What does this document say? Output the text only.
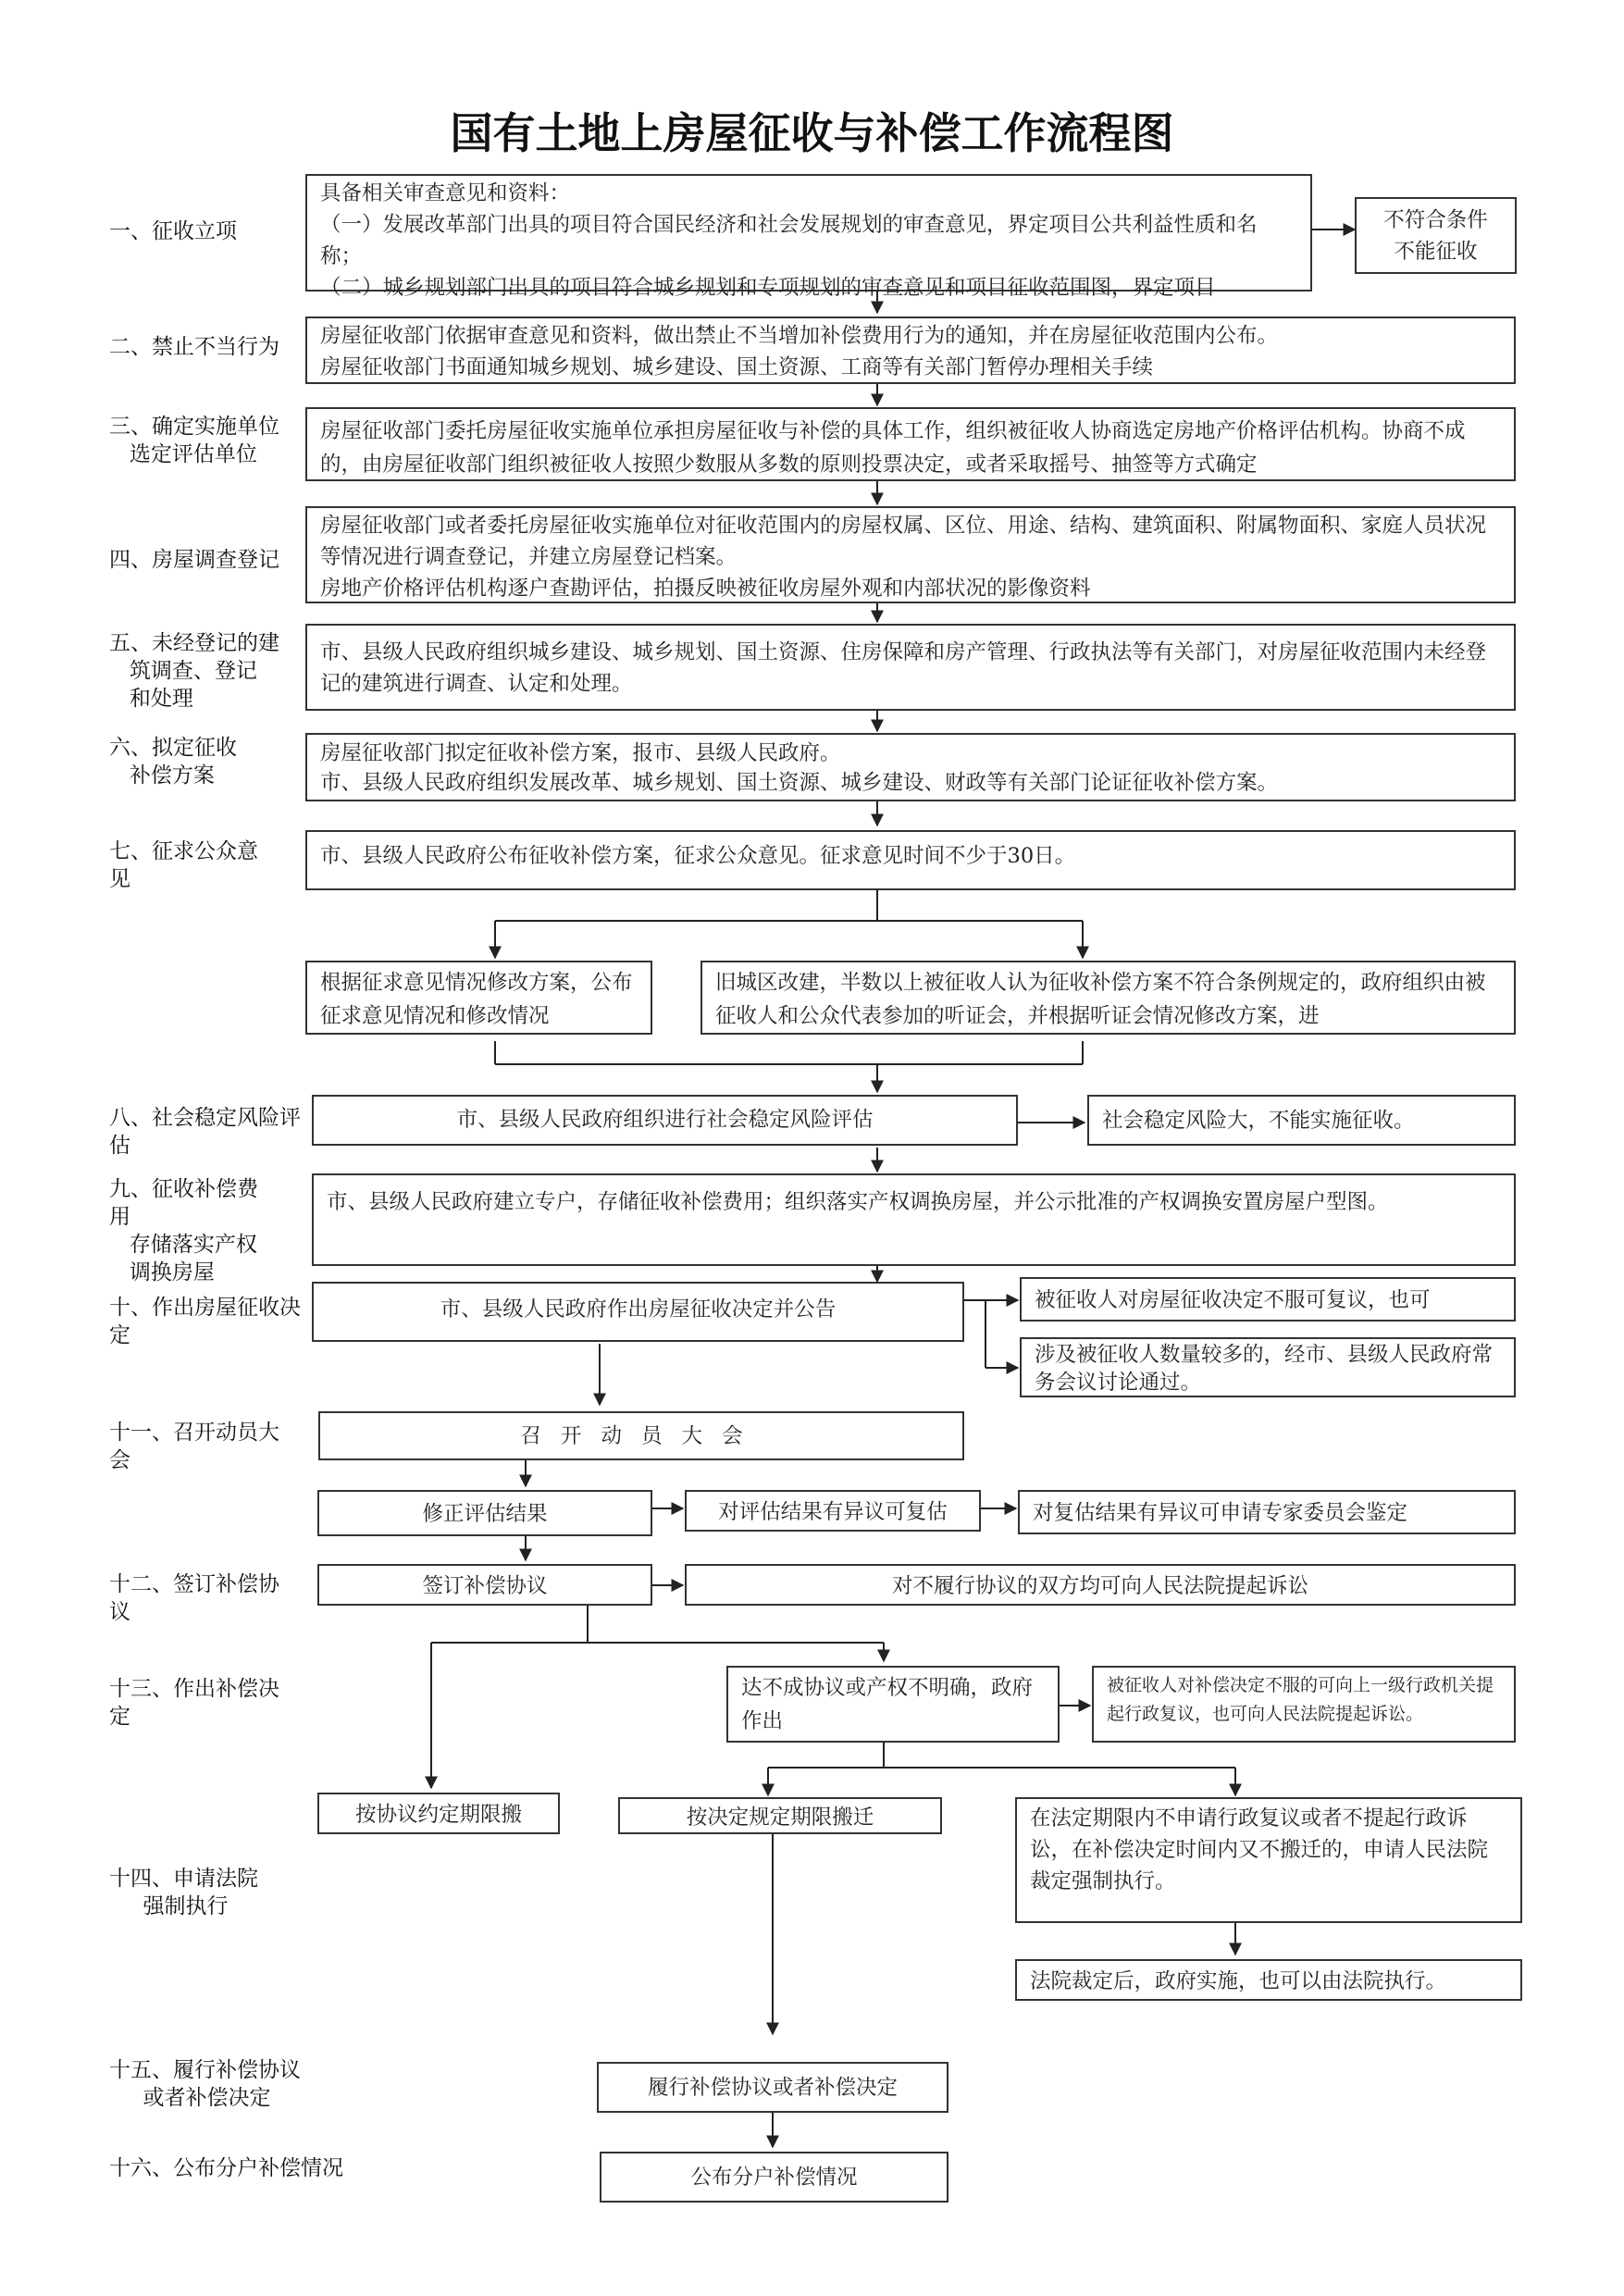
国有土地上房屋征收与补偿工作流程图
一、征收立项
二、禁止不当行为
三、确定实施单位
选定评估单位
四、房屋调查登记
五、未经登记的建
筑调查、登记
和处理
六、拟定征收
补偿方案
七、征求公众意
见
八、社会稳定风险评
估
九、征收补偿费
用
存储落实产权
调换房屋
十、作出房屋征收决
定
十一、召开动员大
会
十二、签订补偿协
议
十三、作出补偿决
定
十四、申请法院
强制执行
十五、履行补偿协议
或者补偿决定
十六、公布分户补偿情况
具备相关审查意见和资料：
（一）发展改革部门出具的项目符合国民经济和社会发展规划的审查意见，界定项目公共利益性质和名称；
（二）城乡规划部门出具的项目符合城乡规划和专项规划的审查意见和项目征收范围图，界定项目
不符合条件
不能征收
房屋征收部门依据审查意见和资料，做出禁止不当增加补偿费用行为的通知，并在房屋征收范围内公布。
房屋征收部门书面通知城乡规划、城乡建设、国土资源、工商等有关部门暂停办理相关手续
房屋征收部门委托房屋征收实施单位承担房屋征收与补偿的具体工作，组织被征收人协商选定房地产价格评估机构。协商不成的，由房屋征收部门组织被征收人按照少数服从多数的原则投票决定，或者采取摇号、抽签等方式确定
房屋征收部门或者委托房屋征收实施单位对征收范围内的房屋权属、区位、用途、结构、建筑面积、附属物面积、家庭人员状况等情况进行调查登记，并建立房屋登记档案。
房地产价格评估机构逐户查勘评估，拍摄反映被征收房屋外观和内部状况的影像资料
市、县级人民政府组织城乡建设、城乡规划、国土资源、住房保障和房产管理、行政执法等有关部门，对房屋征收范围内未经登记的建筑进行调查、认定和处理。
房屋征收部门拟定征收补偿方案，报市、县级人民政府。
市、县级人民政府组织发展改革、城乡规划、国土资源、城乡建设、财政等有关部门论证征收补偿方案。
市、县级人民政府公布征收补偿方案，征求公众意见。征求意见时间不少于30日。
根据征求意见情况修改方案，公布征求意见情况和修改情况
旧城区改建，半数以上被征收人认为征收补偿方案不符合条例规定的，政府组织由被征收人和公众代表参加的听证会，并根据听证会情况修改方案，进
市、县级人民政府组织进行社会稳定风险评估	社会稳定风险大，不能实施征收。
市、县级人民政府建立专户，存储征收补偿费用；组织落实产权调换房屋，并公示批准的产权调换安置房屋户型图。
市、县级人民政府作出房屋征收决定并公告	被征收人对房屋征收决定不服可复议，也可
涉及被征收人数量较多的，经市、县级人民政府常务会议讨论通过。
召开动员大会
修正评估结果	对评估结果有异议可复估	对复估结果有异议可申请专家委员会鉴定
签订补偿协议	对不履行协议的双方均可向人民法院提起诉讼
达不成协议或产权不明确，政府作出
被征收人对补偿决定不服的可向上一级行政机关提起行政复议，也可向人民法院提起诉讼。
按协议约定期限搬	按决定规定期限搬迁	在法定期限内不申请行政复议或者不提起行政诉讼，在补偿决定时间内又不搬迁的，申请人民法院裁定强制执行。
法院裁定后，政府实施，也可以由法院执行。
履行补偿协议或者补偿决定
公布分户补偿情况
